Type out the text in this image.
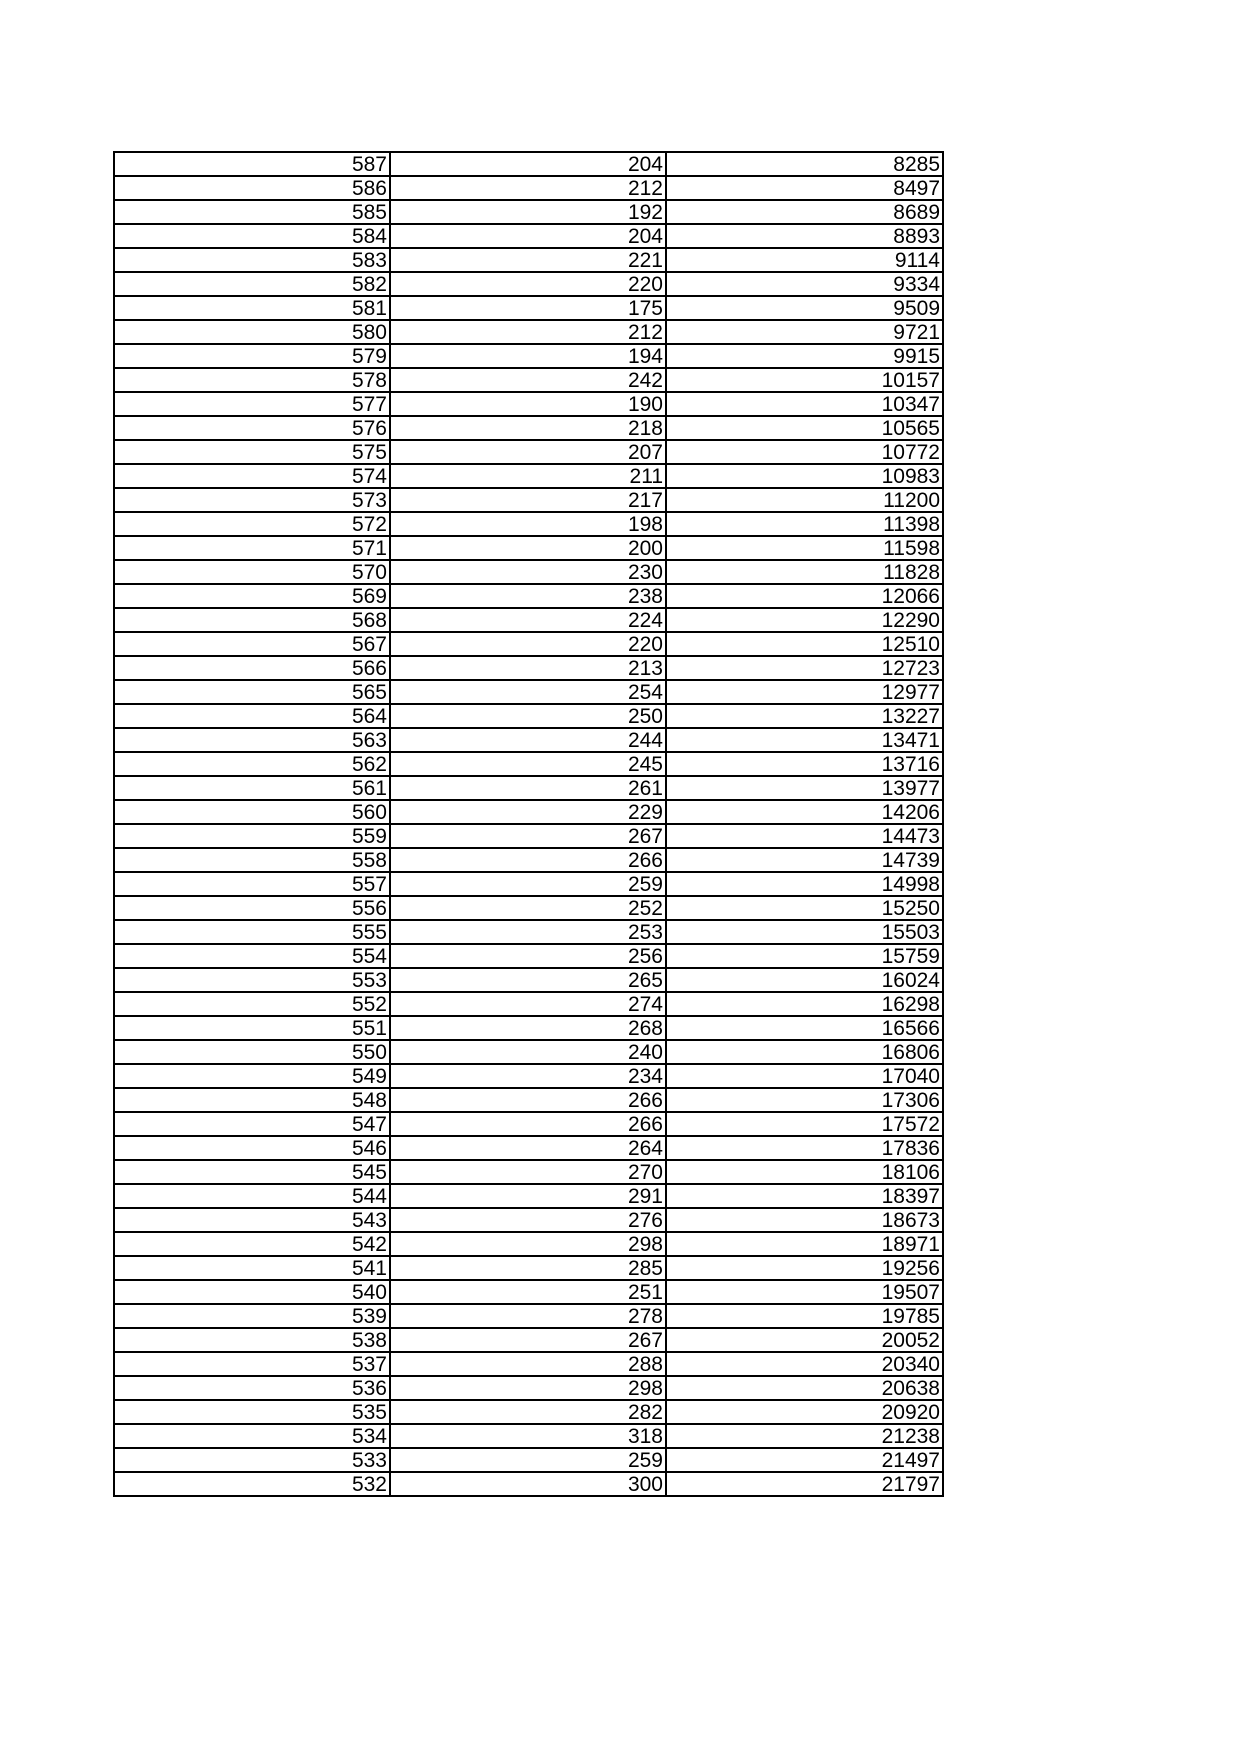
587	204	8285
586	212	8497
585	192	8689
584	204	8893
583	221	9114
582	220	9334
581	175	9509
580	212	9721
579	194	9915
578	242	10157
577	190	10347
576	218	10565
575	207	10772
574	211	10983
573	217	11200
572	198	11398
571	200	11598
570	230	11828
569	238	12066
568	224	12290
567	220	12510
566	213	12723
565	254	12977
564	250	13227
563	244	13471
562	245	13716
561	261	13977
560	229	14206
559	267	14473
558	266	14739
557	259	14998
556	252	15250
555	253	15503
554	256	15759
553	265	16024
552	274	16298
551	268	16566
550	240	16806
549	234	17040
548	266	17306
547	266	17572
546	264	17836
545	270	18106
544	291	18397
543	276	18673
542	298	18971
541	285	19256
540	251	19507
539	278	19785
538	267	20052
537	288	20340
536	298	20638
535	282	20920
534	318	21238
533	259	21497
532	300	21797
